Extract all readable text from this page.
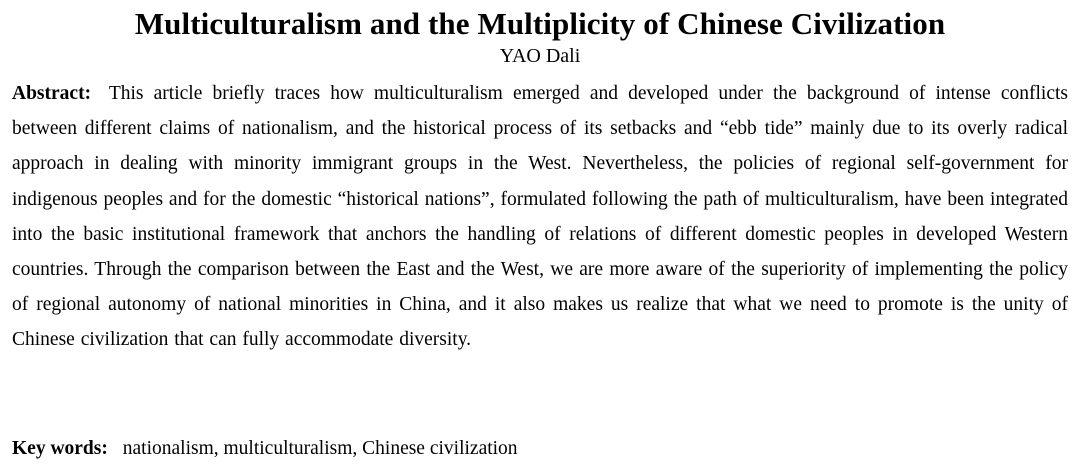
Multiculturalism and the Multiplicity of Chinese Civilization

YAO Dali

Abstract: This article briefly traces how multiculturalism emerged and developed under the background of intense conflicts between different claims of nationalism, and the historical process of its setbacks and “ebb tide” mainly due to its overly radical approach in dealing with minority immigrant groups in the West. Nevertheless, the policies of regional self-government for indigenous peoples and for the domestic “historical nations”, formulated following the path of multiculturalism, have been integrated into the basic institutional framework that anchors the handling of relations of different domestic peoples in developed Western countries. Through the comparison between the East and the West, we are more aware of the superiority of implementing the policy of regional autonomy of national minorities in China, and it also makes us realize that what we need to promote is the unity of Chinese civilization that can fully accommodate diversity.

Key words: nationalism, multiculturalism, Chinese civilization
